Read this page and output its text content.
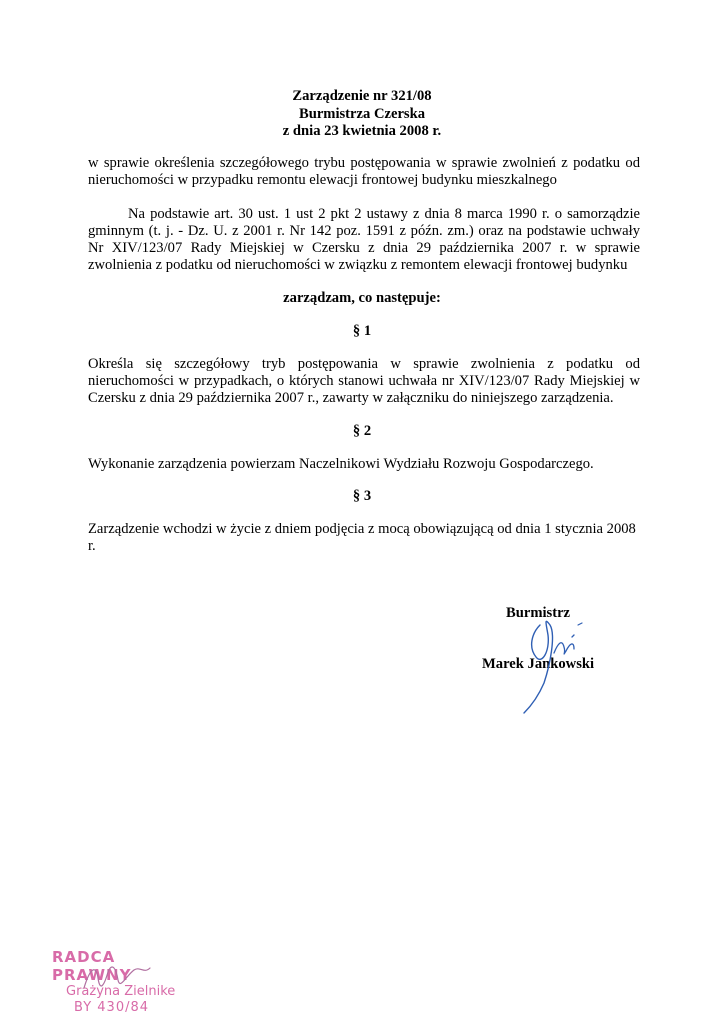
Zarządzenie nr 321/08
Burmistrza Czerska
z dnia 23 kwietnia 2008 r.
w sprawie określenia szczegółowego trybu postępowania w sprawie zwolnień z podatku od
nieruchomości w przypadku remontu elewacji frontowej budynku mieszkalnego
Na podstawie art. 30 ust. 1 ust 2 pkt 2 ustawy z dnia 8 marca 1990 r. o samorządzie
gminnym (t. j. - Dz. U. z 2001 r. Nr 142 poz. 1591 z późn. zm.) oraz na podstawie uchwały
Nr XIV/123/07 Rady Miejskiej w Czersku z dnia 29 października 2007 r. w sprawie
zwolnienia z podatku od nieruchomości w związku z remontem elewacji frontowej budynku
zarządzam, co następuje:
§ 1
Określa się szczegółowy tryb postępowania w sprawie zwolnienia z podatku od
nieruchomości w przypadkach, o których stanowi uchwała nr XIV/123/07 Rady Miejskiej w
Czersku z dnia 29 października 2007 r., zawarty w załączniku do niniejszego zarządzenia.
§ 2
Wykonanie zarządzenia powierzam Naczelnikowi Wydziału Rozwoju Gospodarczego.
§ 3
Zarządzenie wchodzi w życie z dniem podjęcia z mocą obowiązującą od dnia 1 stycznia 2008
r.
Burmistrz
Marek Jankowski
RADCA PRAWNY
Grażyna Zielnike
BY 430/84
